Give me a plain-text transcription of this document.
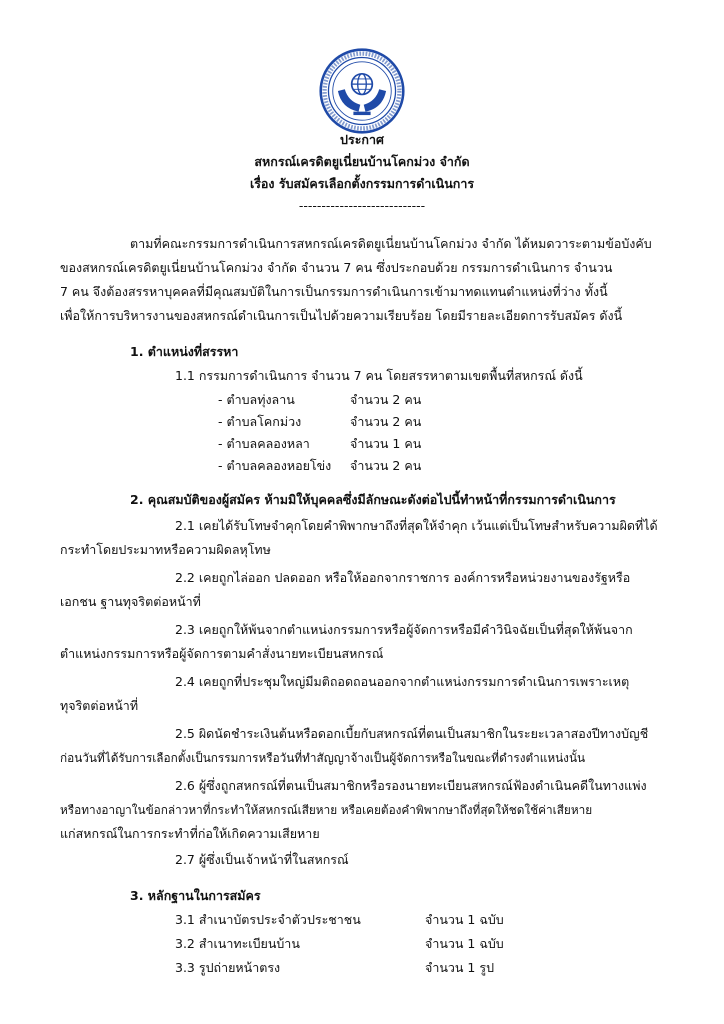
ประกาศ
สหกรณ์เครดิตยูเนี่ยนบ้านโคกม่วง จำกัด
เรื่อง รับสมัครเลือกตั้งกรรมการดำเนินการ
----------------------------
ตามที่คณะกรรมการดำเนินการสหกรณ์เครดิตยูเนี่ยนบ้านโคกม่วง จำกัด ได้หมดวาระตามข้อบังคับ
ของสหกรณ์เครดิตยูเนี่ยนบ้านโคกม่วง จำกัด จำนวน 7 คน ซึ่งประกอบด้วย กรรมการดำเนินการ จำนวน
7 คน จึงต้องสรรหาบุคคลที่มีคุณสมบัติในการเป็นกรรมการดำเนินการเข้ามาทดแทนตำแหน่งที่ว่าง ทั้งนี้
เพื่อให้การบริหารงานของสหกรณ์ดำเนินการเป็นไปด้วยความเรียบร้อย โดยมีรายละเอียดการรับสมัคร ดังนี้
1. ตำแหน่งที่สรรหา
1.1 กรรมการดำเนินการ จำนวน 7 คน โดยสรรหาตามเขตพื้นที่สหกรณ์ ดังนี้
- ตำบลทุ่งลาน	จำนวน 2 คน
- ตำบลโคกม่วง	จำนวน 2 คน
- ตำบลคลองหลา	จำนวน 1 คน
- ตำบลคลองหอยโข่ง จำนวน 2 คน
2. คุณสมบัติของผู้สมัคร ห้ามมิให้บุคคลซึ่งมีลักษณะดังต่อไปนี้ทำหน้าที่กรรมการดำเนินการ
2.1 เคยได้รับโทษจำคุกโดยคำพิพากษาถึงที่สุดให้จำคุก เว้นแต่เป็นโทษสำหรับความผิดที่ได้
กระทำโดยประมาทหรือความผิดลหุโทษ
2.2 เคยถูกไล่ออก ปลดออก หรือให้ออกจากราชการ องค์การหรือหน่วยงานของรัฐหรือ
เอกชน ฐานทุจริตต่อหน้าที่
2.3 เคยถูกให้พ้นจากตำแหน่งกรรมการหรือผู้จัดการหรือมีคำวินิจฉัยเป็นที่สุดให้พ้นจาก
ตำแหน่งกรรมการหรือผู้จัดการตามคำสั่งนายทะเบียนสหกรณ์
2.4 เคยถูกที่ประชุมใหญ่มีมติถอดถอนออกจากตำแหน่งกรรมการดำเนินการเพราะเหตุ
ทุจริตต่อหน้าที่
2.5 ผิดนัดชำระเงินต้นหรือดอกเบี้ยกับสหกรณ์ที่ตนเป็นสมาชิกในระยะเวลาสองปีทางบัญชี
ก่อนวันที่ได้รับการเลือกตั้งเป็นกรรมการหรือวันที่ทำสัญญาจ้างเป็นผู้จัดการหรือในขณะที่ดำรงตำแหน่งนั้น
2.6 ผู้ซึ่งถูกสหกรณ์ที่ตนเป็นสมาชิกหรือรองนายทะเบียนสหกรณ์ฟ้องดำเนินคดีในทางแพ่ง
หรือทางอาญาในข้อกล่าวหาที่กระทำให้สหกรณ์เสียหาย หรือเคยต้องคำพิพากษาถึงที่สุดให้ชดใช้ค่าเสียหาย
แก่สหกรณ์ในการกระทำที่ก่อให้เกิดความเสียหาย
2.7 ผู้ซึ่งเป็นเจ้าหน้าที่ในสหกรณ์
3. หลักฐานในการสมัคร
3.1 สำเนาบัตรประจำตัวประชาชน	จำนวน 1 ฉบับ
3.2 สำเนาทะเบียนบ้าน	จำนวน 1 ฉบับ
3.3 รูปถ่ายหน้าตรง	จำนวน 1 รูป
